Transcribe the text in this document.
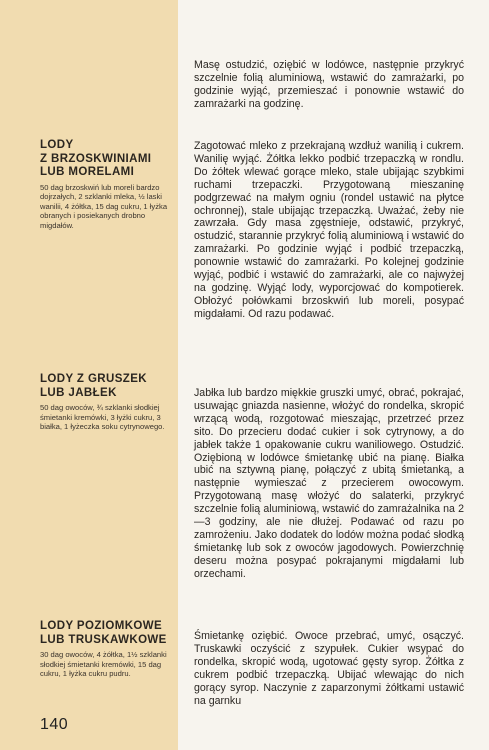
LODY
Z BRZOSKWINIAMI
LUB MORELAMI
50 dag brzoskwiń lub moreli bardzo dojrzałych, 2 szklanki mleka, ½ laski wanilii, 4 żółtka, 15 dag cukru, 1 łyżka obranych i posiekanych drobno migdałów.
LODY Z GRUSZEK
LUB JABŁEK
50 dag owoców, ¾ szklanki słodkiej śmietanki kremówki, 3 łyżki cukru, 3 białka, 1 łyżeczka soku cytrynowego.
LODY POZIOMKOWE
LUB TRUSKAWKOWE
30 dag owoców, 4 żółtka, 1½ szklanki słodkiej śmietanki kremówki, 15 dag cukru, 1 łyżka cukru pudru.
Masę ostudzić, oziębić w lodówce, następnie przykryć szczelnie folią aluminiową, wstawić do zamrażarki, po godzinie wyjąć, przemieszać i ponownie wstawić do zamrażarki na godzinę.
Zagotować mleko z przekrajaną wzdłuż wanilią i cukrem. Wanilię wyjąć. Żółtka lekko podbić trzepaczką w rondlu. Do żółtek wlewać gorące mleko, stale ubijając szybkimi ruchami trzepaczki. Przygotowaną mieszaninę podgrzewać na małym ogniu (rondel ustawić na płytce ochronnej), stale ubijając trzepaczką. Uważać, żeby nie zawrzała. Gdy masa zgęstnieje, odstawić, przykryć, ostudzić, starannie przykryć folią aluminiową i wstawić do zamrażarki. Po godzinie wyjąć i podbić trzepaczką, ponownie wstawić do zamrażarki. Po kolejnej godzinie wyjąć, podbić i wstawić do zamrażarki, ale co najwyżej na godzinę. Wyjąć lody, wyporcjować do kompotierek. Obłożyć połówkami brzoskwiń lub moreli, posypać migdałami. Od razu podawać.
Jabłka lub bardzo miękkie gruszki umyć, obrać, pokrajać, usuwając gniazda nasienne, włożyć do rondelka, skropić wrzącą wodą, rozgotować mieszając, przetrzeć przez sito. Do przecieru dodać cukier i sok cytrynowy, a do jabłek także 1 opakowanie cukru waniliowego. Ostudzić. Oziębioną w lodówce śmietankę ubić na pianę. Białka ubić na sztywną pianę, połączyć z ubitą śmietanką, a następnie wymieszać z przecierem owocowym. Przygotowaną masę włożyć do salaterki, przykryć szczelnie folią aluminiową, wstawić do zamrażalnika na 2—3 godziny, ale nie dłużej. Podawać od razu po zamrożeniu. Jako dodatek do lodów można podać słodką śmietankę lub sok z owoców jagodowych. Powierzchnię deseru można posypać pokrajanymi migdałami lub orzechami.
Śmietankę oziębić. Owoce przebrać, umyć, osączyć. Truskawki oczyścić z szypułek. Cukier wsypać do rondelka, skropić wodą, ugotować gęsty syrop. Żółtka z cukrem podbić trzepaczką. Ubijać wlewając do nich gorący syrop. Naczynie z zaparzonymi żółtkami ustawić na garnku
140
